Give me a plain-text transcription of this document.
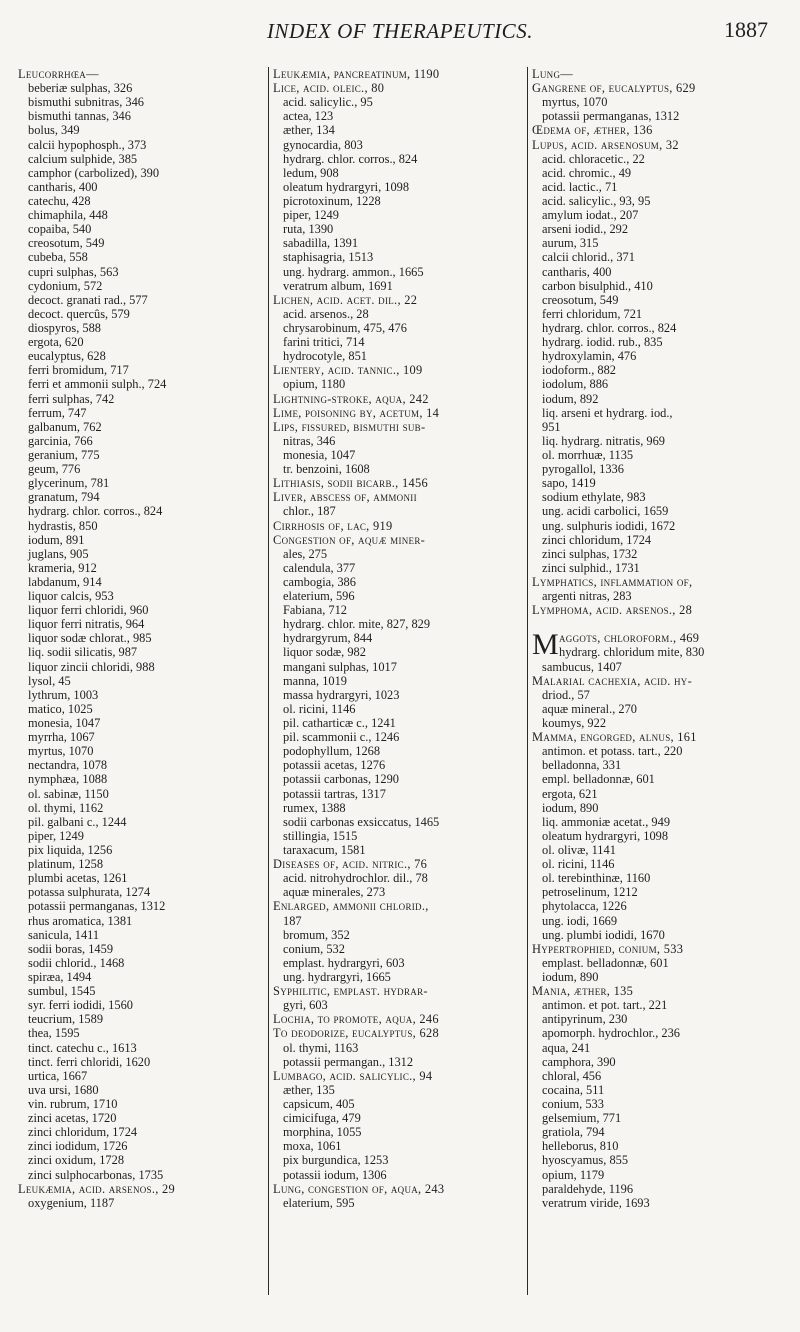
INDEX OF THERAPEUTICS.	1887
Leucorrhœa—
beberiæ sulphas, 326
bismuthi subnitras, 346
bismuthi tannas, 346
bolus, 349
calcii hypophosph., 373
calcium sulphide, 385
camphor (carbolized), 390
cantharis, 400
catechu, 428
chimaphila, 448
copaiba, 540
creosotum, 549
cubeba, 558
cupri sulphas, 563
cydonium, 572
decoct. granati rad., 577
decoct. quercûs, 579
diospyros, 588
ergota, 620
eucalyptus, 628
ferri bromidum, 717
ferri et ammonii sulph., 724
ferri sulphas, 742
ferrum, 747
galbanum, 762
garcinia, 766
geranium, 775
geum, 776
glycerinum, 781
granatum, 794
hydrarg. chlor. corros., 824
hydrastis, 850
iodum, 891
juglans, 905
krameria, 912
labdanum, 914
liquor calcis, 953
liquor ferri chloridi, 960
liquor ferri nitratis, 964
liquor sodæ chlorat., 985
liq. sodii silicatis, 987
liquor zincii chloridi, 988
lysol, 45
lythrum, 1003
matico, 1025
monesia, 1047
myrrha, 1067
myrtus, 1070
nectandra, 1078
nymphæa, 1088
ol. sabinæ, 1150
ol. thymi, 1162
pil. galbani c., 1244
piper, 1249
pix liquida, 1256
platinum, 1258
plumbi acetas, 1261
potassa sulphurata, 1274
potassii permanganas, 1312
rhus aromatica, 1381
sanicula, 1411
sodii boras, 1459
sodii chlorid., 1468
spiræa, 1494
sumbul, 1545
syr. ferri iodidi, 1560
teucrium, 1589
thea, 1595
tinct. catechu c., 1613
tinct. ferri chloridi, 1620
urtica, 1667
uva ursi, 1680
vin. rubrum, 1710
zinci acetas, 1720
zinci chloridum, 1724
zinci iodidum, 1726
zinci oxidum, 1728
zinci sulphocarbonas, 1735
Leukæmia, acid. arsenos., 29
oxygenium, 1187
Leukæmia, pancreatinum, 1190
Lice, acid. oleic., 80
acid. salicylic., 95
actea, 123
æther, 134
gynocardia, 803
hydrarg. chlor. corros., 824
ledum, 908
oleatum hydrargyri, 1098
picrotoxinum, 1228
piper, 1249
ruta, 1390
sabadilla, 1391
staphisagria, 1513
ung. hydrarg. ammon., 1665
veratrum album, 1691
Lichen, acid. acet. dil., 22
acid. arsenos., 28
chrysarobinum, 475, 476
farini tritici, 714
hydrocotyle, 851
Lientery, acid. tannic., 109
opium, 1180
Lightning-stroke, aqua, 242
Lime, poisoning by, acetum, 14
Lips, fissured, bismuthi sub-
nitras, 346
monesia, 1047
tr. benzoini, 1608
Lithiasis, sodii bicarb., 1456
Liver, abscess of, ammonii
chlor., 187
Cirrhosis of, lac, 919
Congestion of, aquæ miner-
ales, 275
calendula, 377
cambogia, 386
elaterium, 596
Fabiana, 712
hydrarg. chlor. mite, 827, 829
hydrargyrum, 844
liquor sodæ, 982
mangani sulphas, 1017
manna, 1019
massa hydrargyri, 1023
ol. ricini, 1146
pil. catharticæ c., 1241
pil. scammonii c., 1246
podophyllum, 1268
potassii acetas, 1276
potassii carbonas, 1290
potassii tartras, 1317
rumex, 1388
sodii carbonas exsiccatus, 1465
stillingia, 1515
taraxacum, 1581
Diseases of, acid. nitric., 76
acid. nitrohydrochlor. dil., 78
aquæ minerales, 273
Enlarged, ammonii chlorid.,
187
bromum, 352
conium, 532
emplast. hydrargyri, 603
ung. hydrargyri, 1665
Syphilitic, emplast. hydrar-
gyri, 603
Lochia, to promote, aqua, 246
To deodorize, eucalyptus, 628
ol. thymi, 1163
potassii permangan., 1312
Lumbago, acid. salicylic., 94
æther, 135
capsicum, 405
cimicifuga, 479
morphina, 1055
moxa, 1061
pix burgundica, 1253
potassii iodum, 1306
Lung, congestion of, aqua, 243
elaterium, 595
Lung—
Gangrene of, eucalyptus, 629
myrtus, 1070
potassii permanganas, 1312
Œdema of, æther, 136
Lupus, acid. arsenosum, 32
acid. chloracetic., 22
acid. chromic., 49
acid. lactic., 71
acid. salicylic., 93, 95
amylum iodat., 207
arseni iodid., 292
aurum, 315
calcii chlorid., 371
cantharis, 400
carbon bisulphid., 410
creosotum, 549
ferri chloridum, 721
hydrarg. chlor. corros., 824
hydrarg. iodid. rub., 835
hydroxylamin, 476
iodoform., 882
iodolum, 886
iodum, 892
liq. arseni et hydrarg. iod.,
951
liq. hydrarg. nitratis, 969
ol. morrhuæ, 1135
pyrogallol, 1336
sapo, 1419
sodium ethylate, 983
ung. acidi carbolici, 1659
ung. sulphuris iodidi, 1672
zinci chloridum, 1724
zinci sulphas, 1732
zinci sulphid., 1731
Lymphatics, inflammation of,
argenti nitras, 283
Lymphoma, acid. arsenos., 28
M aggots, chloroform., 469
hydrarg. chloridum mite, 830
sambucus, 1407
Malarial cachexia, acid. hy-
driod., 57
aquæ mineral., 270
koumys, 922
Mamma, engorged, alnus, 161
antimon. et potass. tart., 220
belladonna, 331
empl. belladonnæ, 601
ergota, 621
iodum, 890
liq. ammoniæ acetat., 949
oleatum hydrargyri, 1098
ol. olivæ, 1141
ol. ricini, 1146
ol. terebinthinæ, 1160
petroselinum, 1212
phytolacca, 1226
ung. iodi, 1669
ung. plumbi iodidi, 1670
Hypertrophied, conium, 533
emplast. belladonnæ, 601
iodum, 890
Mania, æther, 135
antimon. et pot. tart., 221
antipyrinum, 230
apomorph. hydrochlor., 236
aqua, 241
camphora, 390
chloral, 456
cocaina, 511
conium, 533
gelsemium, 771
gratiola, 794
helleborus, 810
hyoscyamus, 855
opium, 1179
paraldehyde, 1196
veratrum viride, 1693
